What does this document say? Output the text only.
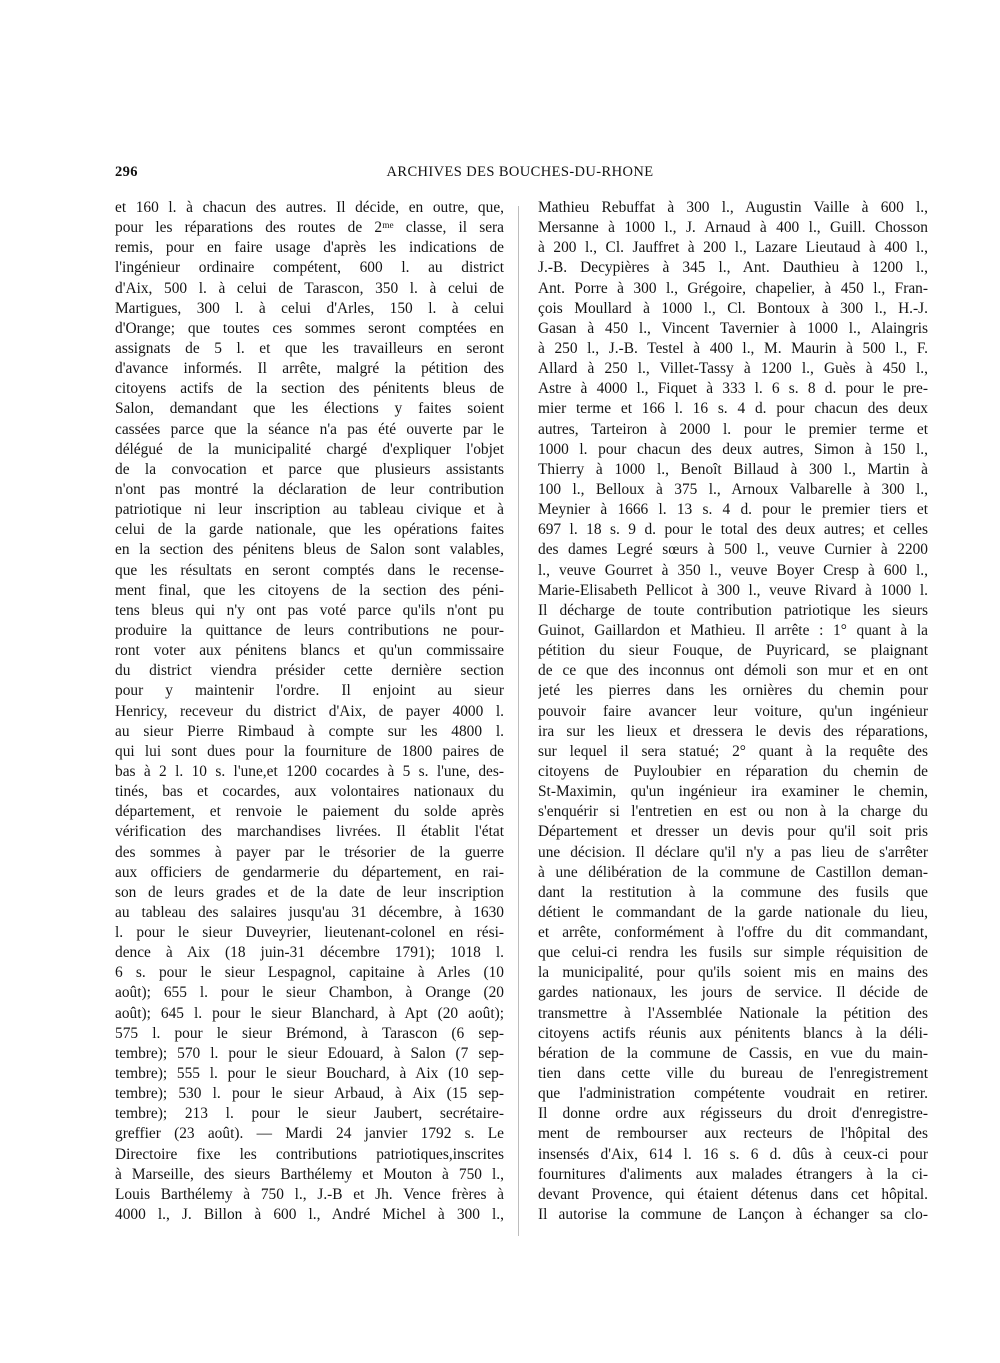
296	ARCHIVES DES BOUCHES-DU-RHONE
et 160 l. à chacun des autres. Il décide, en outre, que,
pour les réparations des routes de 2ᵐᵉ classe, il sera
remis, pour en faire usage d'après les indications de
l'ingénieur ordinaire compétent, 600 l. au district
d'Aix, 500 l. à celui de Tarascon, 350 l. à celui de
Martigues, 300 l. à celui d'Arles, 150 l. à celui
d'Orange; que toutes ces sommes seront comptées en
assignats de 5 l. et que les travailleurs en seront
d'avance informés. Il arrête, malgré la pétition des
citoyens actifs de la section des pénitents bleus de
Salon, demandant que les élections y faites soient
cassées parce que la séance n'a pas été ouverte par le
délégué de la municipalité chargé d'expliquer l'objet
de la convocation et parce que plusieurs assistants
n'ont pas montré la déclaration de leur contribution
patriotique ni leur inscription au tableau civique et à
celui de la garde nationale, que les opérations faites
en la section des pénitens bleus de Salon sont valables,
que les résultats en seront comptés dans le recense-
ment final, que les citoyens de la section des péni-
tens bleus qui n'y ont pas voté parce qu'ils n'ont pu
produire la quittance de leurs contributions ne pour-
ront voter aux pénitens blancs et qu'un commissaire
du district viendra présider cette dernière section
pour y maintenir l'ordre. Il enjoint au sieur
Henricy, receveur du district d'Aix, de payer 4000 l.
au sieur Pierre Rimbaud à compte sur les 4800 l.
qui lui sont dues pour la fourniture de 1800 paires de
bas à 2 l. 10 s. l'une,et 1200 cocardes à 5 s. l'une, des-
tinés, bas et cocardes, aux volontaires nationaux du
département, et renvoie le paiement du solde après
vérification des marchandises livrées. Il établit l'état
des sommes à payer par le trésorier de la guerre
aux officiers de gendarmerie du département, en rai-
son de leurs grades et de la date de leur inscription
au tableau des salaires jusqu'au 31 décembre, à 1630
l. pour le sieur Duveyrier, lieutenant-colonel en rési-
dence à Aix (18 juin-31 décembre 1791); 1018 l.
6 s. pour le sieur Lespagnol, capitaine à Arles (10
août); 655 l. pour le sieur Chambon, à Orange (20
août); 645 l. pour le sieur Blanchard, à Apt (20 août);
575 l. pour le sieur Brémond, à Tarascon (6 sep-
tembre); 570 l. pour le sieur Edouard, à Salon (7 sep-
tembre); 555 l. pour le sieur Bouchard, à Aix (10 sep-
tembre); 530 l. pour le sieur Arbaud, à Aix (15 sep-
tembre); 213 l. pour le sieur Jaubert, secrétaire-
greffier (23 août). — Mardi 24 janvier 1792 s. Le
Directoire fixe les contributions patriotiques,inscrites
à Marseille, des sieurs Barthélemy et Mouton à 750 l.,
Louis Barthélemy à 750 l., J.-B et Jh. Vence frères à
4000 l., J. Billon à 600 l., André Michel à 300 l.,
Mathieu Rebuffat à 300 l., Augustin Vaille à 600 l.,
Mersanne à 1000 l., J. Arnaud à 400 l., Guill. Chosson
à 200 l., Cl. Jauffret à 200 l., Lazare Lieutaud à 400 l.,
J.-B. Decypières à 345 l., Ant. Dauthieu à 1200 l.,
Ant. Porre à 300 l., Grégoire, chapelier, à 450 l., Fran-
çois Moullard à 1000 l., Cl. Bontoux à 300 l., H.-J.
Gasan à 450 l., Vincent Tavernier à 1000 l., Alaingris
à 250 l., J.-B. Testel à 400 l., M. Maurin à 500 l., F.
Allard à 250 l., Villet-Tassy à 1200 l., Guès à 450 l.,
Astre à 4000 l., Fiquet à 333 l. 6 s. 8 d. pour le pre-
mier terme et 166 l. 16 s. 4 d. pour chacun des deux
autres, Tarteiron à 2000 l. pour le premier terme et
1000 l. pour chacun des deux autres, Simon à 150 l.,
Thierry à 1000 l., Benoît Billaud à 300 l., Martin à
100 l., Belloux à 375 l., Arnoux Valbarelle à 300 l.,
Meynier à 1666 l. 13 s. 4 d. pour le premier tiers et
697 l. 18 s. 9 d. pour le total des deux autres; et celles
des dames Legré sœurs à 500 l., veuve Curnier à 2200
l., veuve Gourret à 350 l., veuve Boyer Cresp à 600 l.,
Marie-Elisabeth Pellicot à 300 l., veuve Rivard à 1000 l.
Il décharge de toute contribution patriotique les sieurs
Guinot, Gaillardon et Mathieu. Il arrête : 1° quant à la
pétition du sieur Fouque, de Puyricard, se plaignant
de ce que des inconnus ont démoli son mur et en ont
jeté les pierres dans les ornières du chemin pour
pouvoir faire avancer leur voiture, qu'un ingénieur
ira sur les lieux et dressera le devis des réparations,
sur lequel il sera statué; 2° quant à la requête des
citoyens de Puyloubier en réparation du chemin de
St-Maximin, qu'un ingénieur ira examiner le chemin,
s'enquérir si l'entretien en est ou non à la charge du
Département et dresser un devis pour qu'il soit pris
une décision. Il déclare qu'il n'y a pas lieu de s'arrêter
à une délibération de la commune de Castillon deman-
dant la restitution à la commune des fusils que
détient le commandant de la garde nationale du lieu,
et arrête, conformément à l'offre du dit commandant,
que celui-ci rendra les fusils sur simple réquisition de
la municipalité, pour qu'ils soient mis en mains des
gardes nationaux, les jours de service. Il décide de
transmettre à l'Assemblée Nationale la pétition des
citoyens actifs réunis aux pénitents blancs à la déli-
bération de la commune de Cassis, en vue du main-
tien dans cette ville du bureau de l'enregistrement
que l'administration compétente voudrait en retirer.
Il donne ordre aux régisseurs du droit d'enregistre-
ment de rembourser aux recteurs de l'hôpital des
insensés d'Aix, 614 l. 16 s. 6 d. dûs à ceux-ci pour
fournitures d'aliments aux malades étrangers à la ci-
devant Provence, qui étaient détenus dans cet hôpital.
Il autorise la commune de Lançon à échanger sa clo-
